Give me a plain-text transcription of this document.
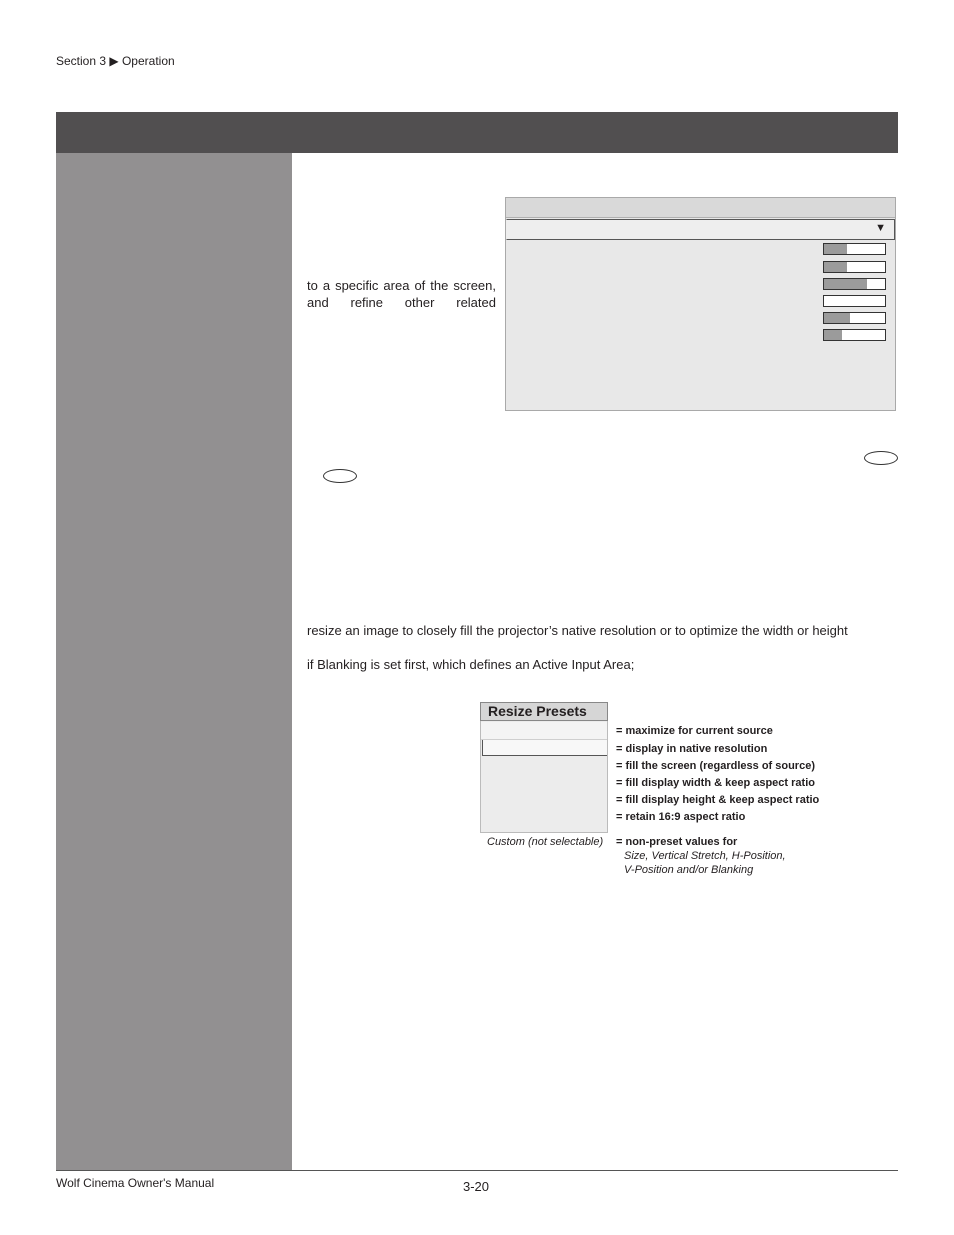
Section 3 ▶ Operation
to a specific area of the screen,
and refine other related
▼
resize an image to closely fill the projector’s native resolution or to optimize the width or height
if Blanking is set first, which defines an Active Input Area;
Resize Presets
= maximize for current source
= display in native resolution
= fill the screen (regardless of source)
= fill display width & keep aspect ratio
= fill display height & keep aspect ratio
= retain 16:9 aspect ratio
Custom (not selectable) = non-preset values for
Size, Vertical Stretch, H-Position,
V-Position and/or Blanking
Wolf Cinema Owner's Manual	3-20
